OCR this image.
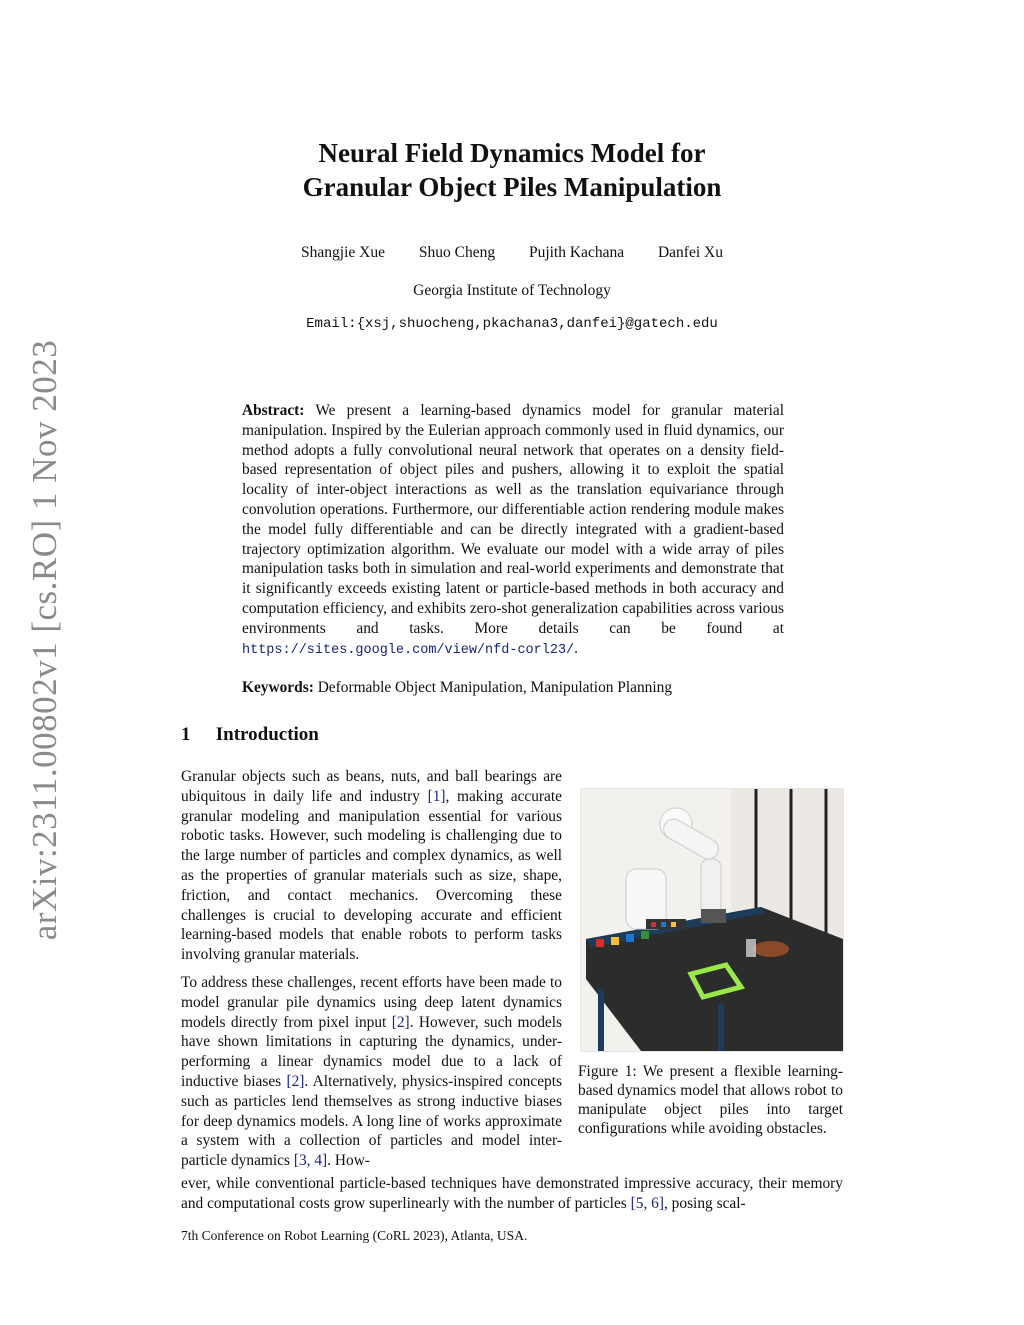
arXiv:2311.00802v1 [cs.RO] 1 Nov 2023
Neural Field Dynamics Model for
Granular Object Piles Manipulation
Shangjie Xue Shuo Cheng Pujith Kachana Danfei Xu
Georgia Institute of Technology
Email:{xsj,shuocheng,pkachana3,danfei}@gatech.edu
Abstract: We present a learning-based dynamics model for granular material manipulation. Inspired by the Eulerian approach commonly used in fluid dynamics, our method adopts a fully convolutional neural network that operates on a density field-based representation of object piles and pushers, allowing it to exploit the spatial locality of inter-object interactions as well as the translation equivariance through convolution operations. Furthermore, our differentiable action rendering module makes the model fully differentiable and can be directly integrated with a gradient-based trajectory optimization algorithm. We evaluate our model with a wide array of piles manipulation tasks both in simulation and real-world experiments and demonstrate that it significantly exceeds existing latent or particle-based methods in both accuracy and computation efficiency, and exhibits zero-shot generalization capabilities across various environments and tasks. More details can be found at https://sites.google.com/view/nfd-corl23/.
Keywords: Deformable Object Manipulation, Manipulation Planning
1 Introduction

Granular objects such as beans, nuts, and ball bearings are ubiquitous in daily life and industry [1], making accurate granular modeling and manipulation essential for various robotic tasks. However, such modeling is challenging due to the large number of particles and complex dynamics, as well as the properties of granular materials such as size, shape, friction, and contact mechanics. Overcoming these challenges is crucial to developing accurate and efficient learning-based models that enable robots to perform tasks involving granular materials.

To address these challenges, recent efforts have been made to model granular pile dynamics using deep latent dynamics models directly from pixel input [2]. However, such models have shown limitations in capturing the dynamics, under-performing a linear dynamics model due to a lack of inductive biases [2]. Alternatively, physics-inspired concepts such as particles lend themselves as strong inductive biases for deep dynamics models. A long line of works approximate a system with a collection of particles and model inter-particle dynamics [3, 4]. How-

Figure 1: We present a flexible learning-based dynamics model that allows robot to manipulate object piles into target configurations while avoiding obstacles.
ever, while conventional particle-based techniques have demonstrated impressive accuracy, their memory and computational costs grow superlinearly with the number of particles [5, 6], posing scal-
7th Conference on Robot Learning (CoRL 2023), Atlanta, USA.
